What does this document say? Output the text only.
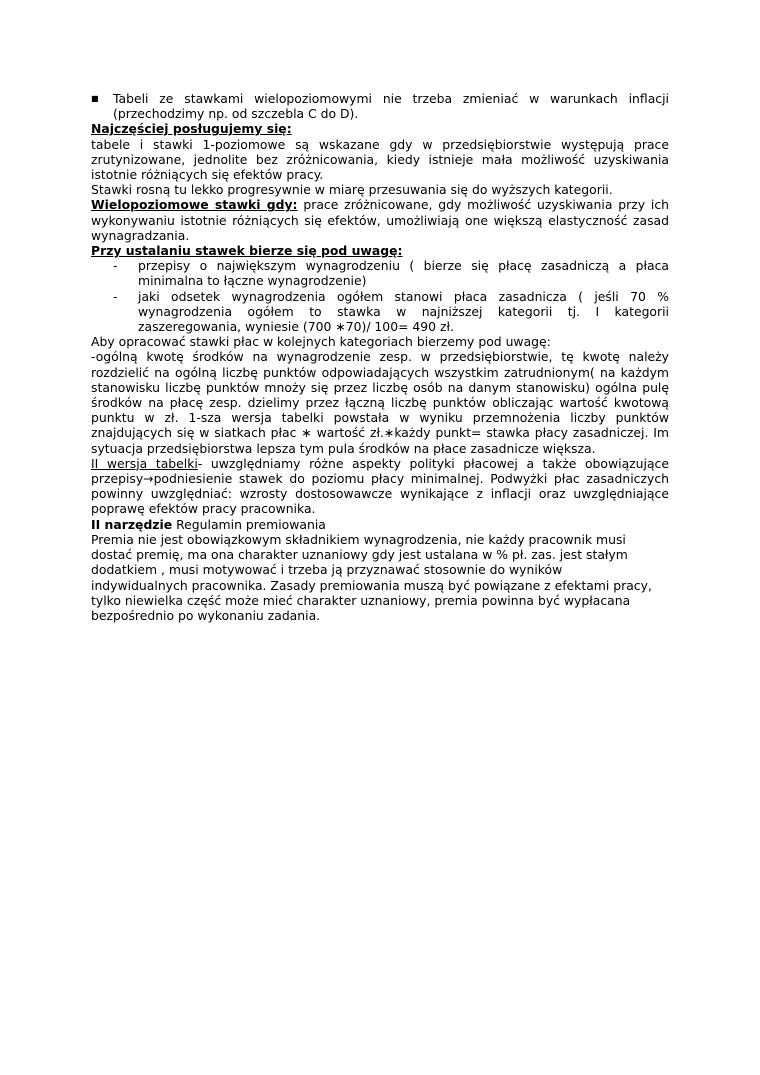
■ Tabeli ze stawkami wielopoziomowymi nie trzeba zmieniać w warunkach inflacji (przechodzimy np. od szczebla C do D).

Najczęściej posługujemy się:

tabele i stawki 1-poziomowe są wskazane gdy w przedsiębiorstwie występują prace zrutynizowane, jednolite bez zróżnicowania, kiedy istnieje mała możliwość uzyskiwania istotnie różniących się efektów pracy.

Stawki rosną tu lekko progresywnie w miarę przesuwania się do wyższych kategorii.

Wielopoziomowe stawki gdy: prace zróżnicowane, gdy możliwość uzyskiwania przy ich wykonywaniu istotnie różniących się efektów, umożliwiają one większą elastyczność zasad wynagradzania.

Przy ustalaniu stawek bierze się pod uwagę:

- przepisy o największym wynagrodzeniu ( bierze się płacę zasadniczą a płaca minimalna to łączne wynagrodzenie)

- jaki odsetek wynagrodzenia ogółem stanowi płaca zasadnicza ( jeśli 70 % wynagrodzenia ogółem to stawka w najniższej kategorii tj. I kategorii zaszeregowania, wyniesie (700 ∗70)/ 100= 490 zł.

Aby opracować stawki płac w kolejnych kategoriach bierzemy pod uwagę:

-ogólną kwotę środków na wynagrodzenie zesp. w przedsiębiorstwie, tę kwotę należy rozdzielić na ogólną liczbę punktów odpowiadających wszystkim zatrudnionym( na każdym stanowisku liczbę punktów mnoży się przez liczbę osób na danym stanowisku) ogólna pulę środków na płacę zesp. dzielimy przez łączną liczbę punktów obliczając wartość kwotową punktu w zł. 1-sza wersja tabelki powstała w wyniku przemnożenia liczby punktów znajdujących się w siatkach płac ∗ wartość zł.∗każdy punkt= stawka płacy zasadniczej. Im sytuacja przedsiębiorstwa lepsza tym pula środków na płace zasadnicze większa.

II wersja tabelki- uwzględniamy różne aspekty polityki płacowej a także obowiązujące przepisy→podniesienie stawek do poziomu płacy minimalnej. Podwyżki płac zasadniczych powinny uwzględniać: wzrosty dostosowawcze wynikające z inflacji oraz uwzględniające poprawę efektów pracy pracownika.

II narzędzie Regulamin premiowania

Premia nie jest obowiązkowym składnikiem wynagrodzenia, nie każdy pracownik musi

dostać premię, ma ona charakter uznaniowy gdy jest ustalana w % pł. zas. jest stałym

dodatkiem , musi motywować i trzeba ją przyznawać stosownie do wyników

indywidualnych pracownika. Zasady premiowania muszą być powiązane z efektami pracy,

tylko niewielka część może mieć charakter uznaniowy, premia powinna być wypłacana

bezpośrednio po wykonaniu zadania.
